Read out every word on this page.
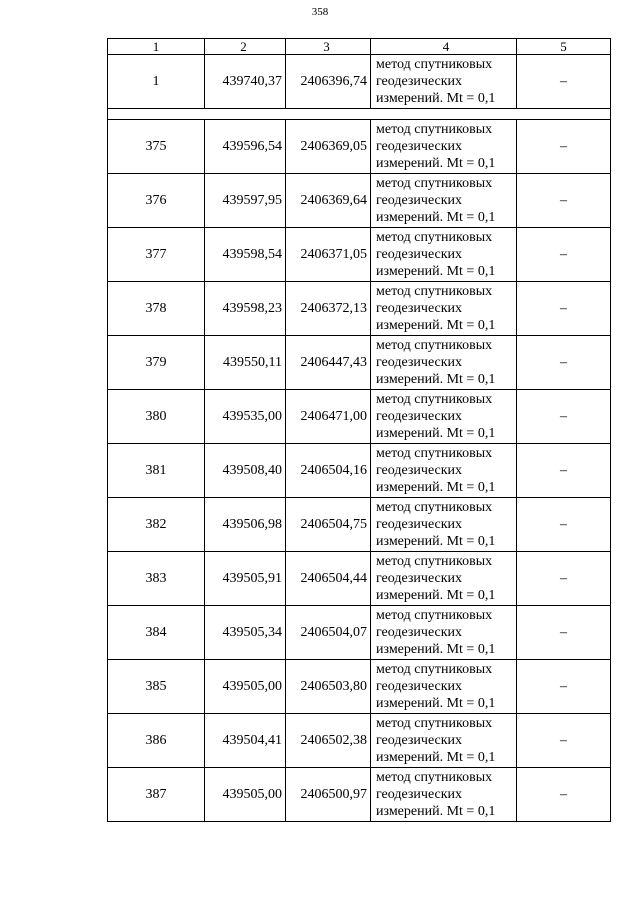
358
1	2	3	4	5
1	439740,37	2406396,74	метод спутниковых
геодезических
измерений. Mt = 0,1	–

375	439596,54	2406369,05	метод спутниковых
геодезических
измерений. Mt = 0,1	–
376	439597,95	2406369,64	метод спутниковых
геодезических
измерений. Mt = 0,1	–
377	439598,54	2406371,05	метод спутниковых
геодезических
измерений. Mt = 0,1	–
378	439598,23	2406372,13	метод спутниковых
геодезических
измерений. Mt = 0,1	–
379	439550,11	2406447,43	метод спутниковых
геодезических
измерений. Mt = 0,1	–
380	439535,00	2406471,00	метод спутниковых
геодезических
измерений. Mt = 0,1	–
381	439508,40	2406504,16	метод спутниковых
геодезических
измерений. Mt = 0,1	–
382	439506,98	2406504,75	метод спутниковых
геодезических
измерений. Mt = 0,1	–
383	439505,91	2406504,44	метод спутниковых
геодезических
измерений. Mt = 0,1	–
384	439505,34	2406504,07	метод спутниковых
геодезических
измерений. Mt = 0,1	–
385	439505,00	2406503,80	метод спутниковых
геодезических
измерений. Mt = 0,1	–
386	439504,41	2406502,38	метод спутниковых
геодезических
измерений. Mt = 0,1	–
387	439505,00	2406500,97	метод спутниковых
геодезических
измерений. Mt = 0,1	–
